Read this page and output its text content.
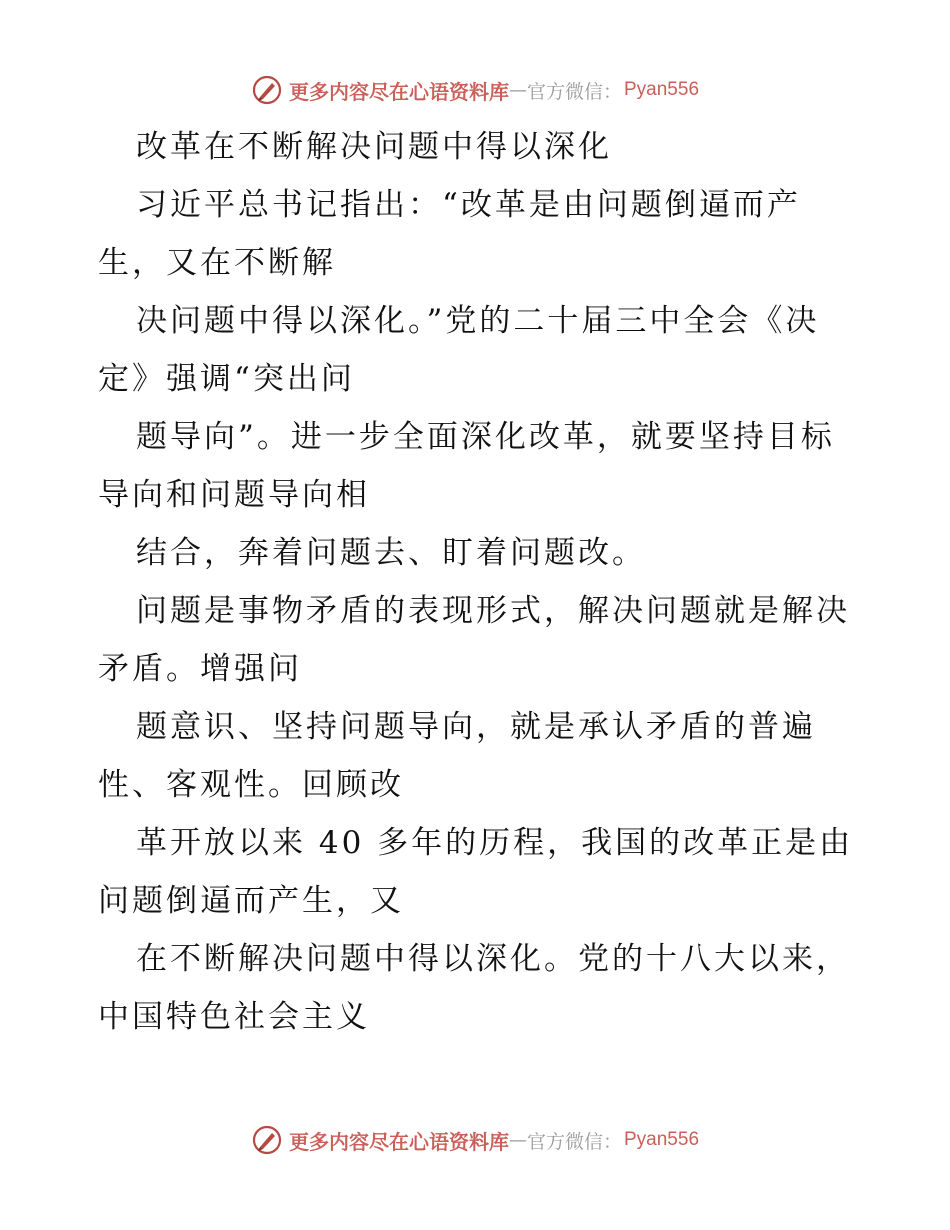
更多内容尽在心语资料库 — 官方微信： Pyan556
改革在不断解决问题中得以深化
习近平总书记指出：“改革是由问题倒逼而产
生，又在不断解
决问题中得以深化。”党的二十届三中全会《决
定》强调“突出问
题导向”。进一步全面深化改革，就要坚持目标
导向和问题导向相
结合，奔着问题去、盯着问题改。
问题是事物矛盾的表现形式，解决问题就是解决
矛盾。增强问
题意识、坚持问题导向，就是承认矛盾的普遍
性、客观性。回顾改
革开放以来 40 多年的历程，我国的改革正是由
问题倒逼而产生，又
在不断解决问题中得以深化。党的十八大以来，
中国特色社会主义
更多内容尽在心语资料库 — 官方微信： Pyan556
